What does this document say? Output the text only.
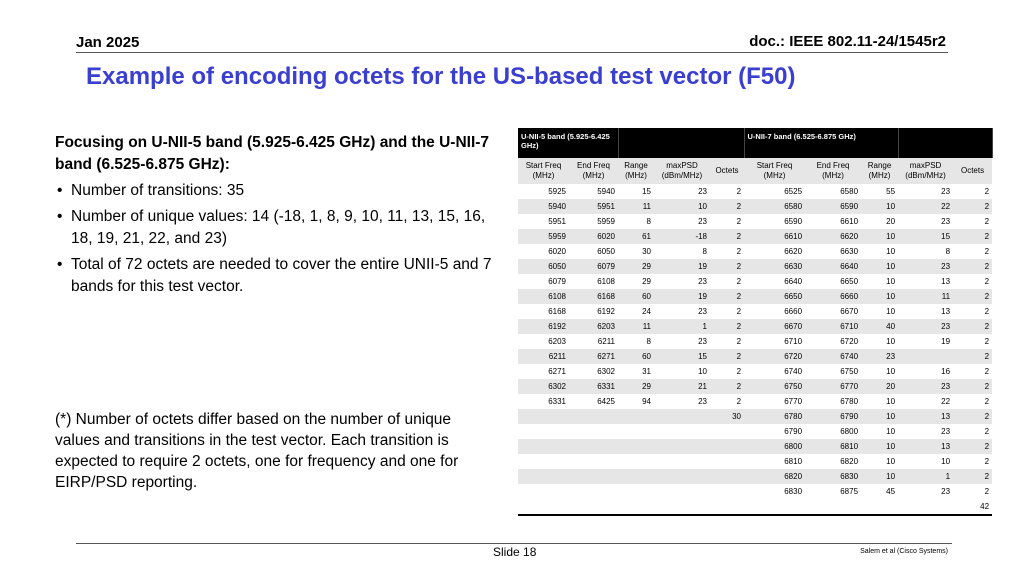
Jan 2025	doc.: IEEE 802.11-24/1545r2
Example of encoding octets for the US-based test vector (F50)

Focusing on U-NII-5 band (5.925-6.425 GHz) and the U-NII-7 band (6.525-6.875 GHz):

• Number of transitions: 35
• Number of unique values: 14 (-18, 1, 8, 9, 10, 11, 13, 15, 16, 18, 19, 21, 22, and 23)
• Total of 72 octets are needed to cover the entire UNII-5 and 7 bands for this test vector.
(*) Number of octets differ based on the number of unique values and transitions in the test vector. Each transition is expected to require 2 octets, one for frequency and one for EIRP/PSD reporting.
U-NII-5 band (5.925-6.425 GHz)					U-NII-7 band (6.525-6.875 GHz)				
Start Freq (MHz)	End Freq (MHz)	Range (MHz)	maxPSD (dBm/MHz)	Octets	Start Freq (MHz)	End Freq (MHz)	Range (MHz)	maxPSD (dBm/MHz)	Octets
5925	5940	15	23	2	6525	6580	55	23	2
5940	5951	11	10	2	6580	6590	10	22	2
5951	5959	8	23	2	6590	6610	20	23	2
5959	6020	61	-18	2	6610	6620	10	15	2
6020	6050	30	8	2	6620	6630	10	8	2
6050	6079	29	19	2	6630	6640	10	23	2
6079	6108	29	23	2	6640	6650	10	13	2
6108	6168	60	19	2	6650	6660	10	11	2
6168	6192	24	23	2	6660	6670	10	13	2
6192	6203	11	1	2	6670	6710	40	23	2
6203	6211	8	23	2	6710	6720	10	19	2
6211	6271	60	15	2	6720	6740	23		2
6271	6302	31	10	2	6740	6750	10	16	2
6302	6331	29	21	2	6750	6770	20	23	2
6331	6425	94	23	2	6770	6780	10	22	2
				30	6780	6790	10	13	2
					6790	6800	10	23	2
					6800	6810	10	13	2
					6810	6820	10	10	2
					6820	6830	10	1	2
					6830	6875	45	23	2
42									
Slide 18	Salem et al (Cisco Systems)
